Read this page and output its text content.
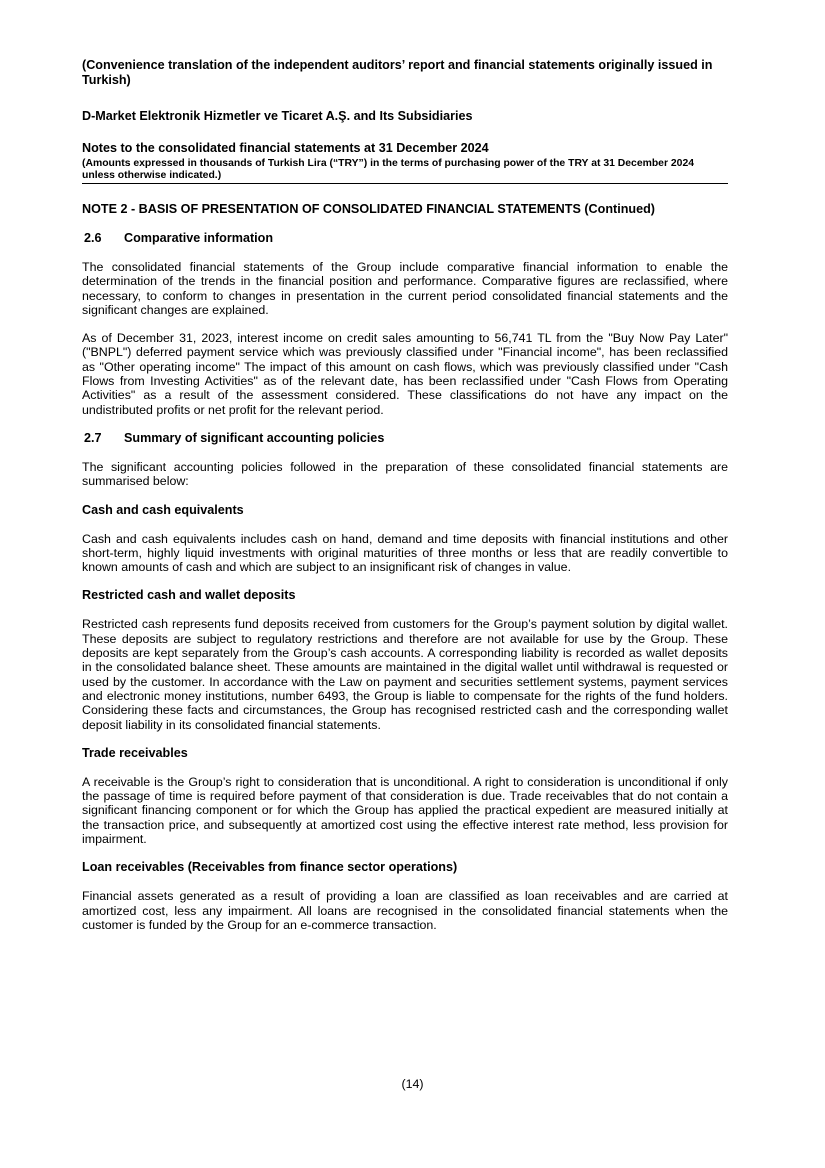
(Convenience translation of the independent auditors’ report and financial statements originally issued in Turkish)

D-Market Elektronik Hizmetler ve Ticaret A.Ş. and Its Subsidiaries

Notes to the consolidated financial statements at 31 December 2024

(Amounts expressed in thousands of Turkish Lira (“TRY”) in the terms of purchasing power of the TRY at 31 December 2024 unless otherwise indicated.)

NOTE 2 - BASIS OF PRESENTATION OF CONSOLIDATED FINANCIAL STATEMENTS (Continued)

2.6 Comparative information

The consolidated financial statements of the Group include comparative financial information to enable the determination of the trends in the financial position and performance. Comparative figures are reclassified, where necessary, to conform to changes in presentation in the current period consolidated financial statements and the significant changes are explained.

As of December 31, 2023, interest income on credit sales amounting to 56,741 TL from the "Buy Now Pay Later" ("BNPL") deferred payment service which was previously classified under "Financial income", has been reclassified as "Other operating income" The impact of this amount on cash flows, which was previously classified under "Cash Flows from Investing Activities" as of the relevant date, has been reclassified under "Cash Flows from Operating Activities" as a result of the assessment considered. These classifications do not have any impact on the undistributed profits or net profit for the relevant period.

2.7 Summary of significant accounting policies

The significant accounting policies followed in the preparation of these consolidated financial statements are summarised below:

Cash and cash equivalents

Cash and cash equivalents includes cash on hand, demand and time deposits with financial institutions and other short-term, highly liquid investments with original maturities of three months or less that are readily convertible to known amounts of cash and which are subject to an insignificant risk of changes in value.

Restricted cash and wallet deposits

Restricted cash represents fund deposits received from customers for the Group’s payment solution by digital wallet. These deposits are subject to regulatory restrictions and therefore are not available for use by the Group. These deposits are kept separately from the Group’s cash accounts. A corresponding liability is recorded as wallet deposits in the consolidated balance sheet. These amounts are maintained in the digital wallet until withdrawal is requested or used by the customer. In accordance with the Law on payment and securities settlement systems, payment services and electronic money institutions, number 6493, the Group is liable to compensate for the rights of the fund holders. Considering these facts and circumstances, the Group has recognised restricted cash and the corresponding wallet deposit liability in its consolidated financial statements.

Trade receivables

A receivable is the Group’s right to consideration that is unconditional. A right to consideration is unconditional if only the passage of time is required before payment of that consideration is due. Trade receivables that do not contain a significant financing component or for which the Group has applied the practical expedient are measured initially at the transaction price, and subsequently at amortized cost using the effective interest rate method, less provision for impairment.

Loan receivables (Receivables from finance sector operations)

Financial assets generated as a result of providing a loan are classified as loan receivables and are carried at amortized cost, less any impairment. All loans are recognised in the consolidated financial statements when the customer is funded by the Group for an e-commerce transaction.

(14)
